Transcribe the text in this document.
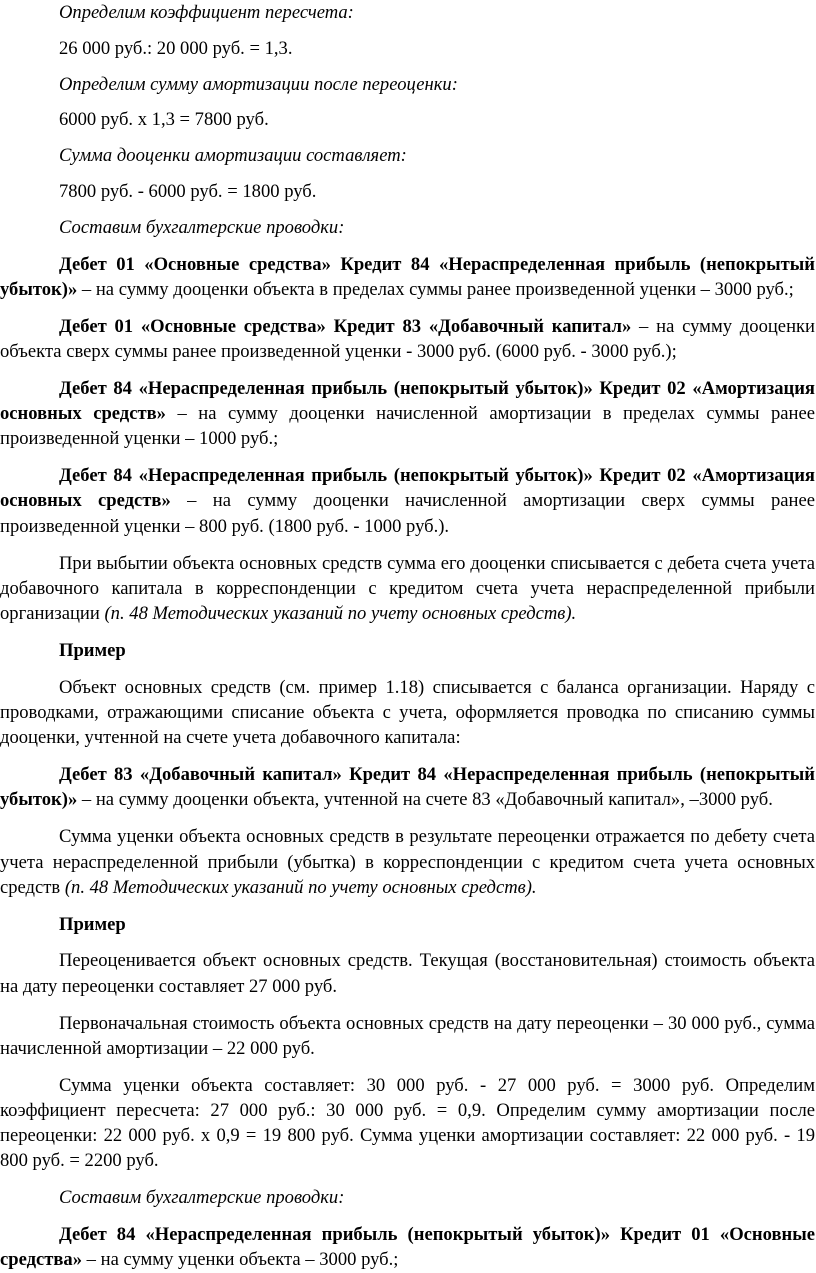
Определим коэффициент пересчета:

26 000 руб.: 20 000 руб. = 1,3.

Определим сумму амортизации после переоценки:

6000 руб. х 1,3 = 7800 руб.

Сумма дооценки амортизации составляет:

7800 руб. - 6000 руб. = 1800 руб.

Составим бухгалтерские проводки:

Дебет 01 «Основные средства» Кредит 84 «Нераспределенная прибыль (непокрытый убыток)» – на сумму дооценки объекта в пределах суммы ранее произведенной уценки – 3000 руб.;

Дебет 01 «Основные средства» Кредит 83 «Добавочный капитал» – на сумму дооценки объекта сверх суммы ранее произведенной уценки - 3000 руб. (6000 руб. - 3000 руб.);

Дебет 84 «Нераспределенная прибыль (непокрытый убыток)» Кредит 02 «Амортизация основных средств» – на сумму дооценки начисленной амортизации в пределах суммы ранее произведенной уценки – 1000 руб.;

Дебет 84 «Нераспределенная прибыль (непокрытый убыток)» Кредит 02 «Амортизация основных средств» – на сумму дооценки начисленной амортизации сверх суммы ранее произведенной уценки – 800 руб. (1800 руб. - 1000 руб.).

При выбытии объекта основных средств сумма его дооценки списывается с дебета счета учета добавочного капитала в корреспонденции с кредитом счета учета нераспределенной прибыли организации (п. 48 Методических указаний по учету основных средств).

Пример

Объект основных средств (см. пример 1.18) списывается с баланса организации. Наряду с проводками, отражающими списание объекта с учета, оформляется проводка по списанию суммы дооценки, учтенной на счете учета добавочного капитала:

Дебет 83 «Добавочный капитал» Кредит 84 «Нераспределенная прибыль (непокрытый убыток)» – на сумму дооценки объекта, учтенной на счете 83 «Добавочный капитал», –3000 руб.

Сумма уценки объекта основных средств в результате переоценки отражается по дебету счета учета нераспределенной прибыли (убытка) в корреспонденции с кредитом счета учета основных средств (п. 48 Методических указаний по учету основных средств).

Пример

Переоценивается объект основных средств. Текущая (восстановительная) стоимость объекта на дату переоценки составляет 27 000 руб.

Первоначальная стоимость объекта основных средств на дату переоценки – 30 000 руб., сумма начисленной амортизации – 22 000 руб.

Сумма уценки объекта составляет: 30 000 руб. - 27 000 руб. = 3000 руб. Определим коэффициент пересчета: 27 000 руб.: 30 000 руб. = 0,9. Определим сумму амортизации после переоценки: 22 000 руб. х 0,9 = 19 800 руб. Сумма уценки амортизации составляет: 22 000 руб. - 19 800 руб. = 2200 руб.

Составим бухгалтерские проводки:

Дебет 84 «Нераспределенная прибыль (непокрытый убыток)» Кредит 01 «Основные средства» – на сумму уценки объекта – 3000 руб.;
